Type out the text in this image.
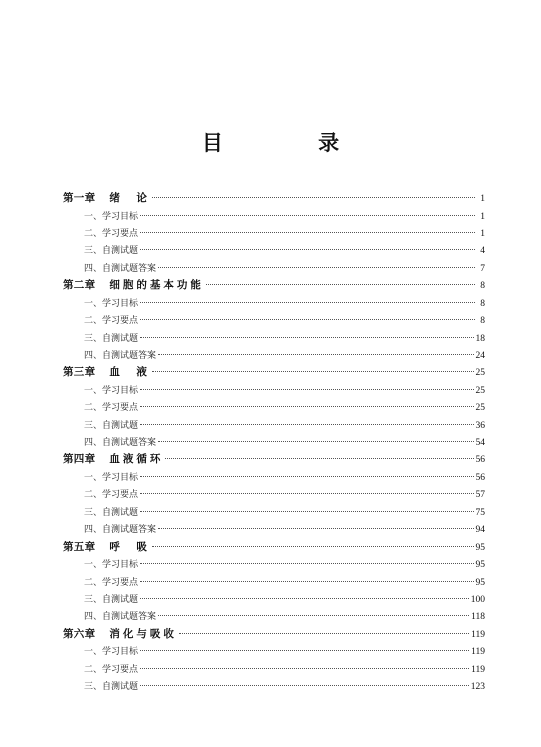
目 录
第一章 绪　论	1
一、学习目标	1
二、学习要点	1
三、自测试题	4
四、自测试题答案	7
第二章 细胞的基本功能	8
一、学习目标	8
二、学习要点	8
三、自测试题	18
四、自测试题答案	24
第三章 血　液	25
一、学习目标	25
二、学习要点	25
三、自测试题	36
四、自测试题答案	54
第四章 血液循环	56
一、学习目标	56
二、学习要点	57
三、自测试题	75
四、自测试题答案	94
第五章 呼　吸	95
一、学习目标	95
二、学习要点	95
三、自测试题	100
四、自测试题答案	118
第六章 消化与吸收	119
一、学习目标	119
二、学习要点	119
三、自测试题	123
